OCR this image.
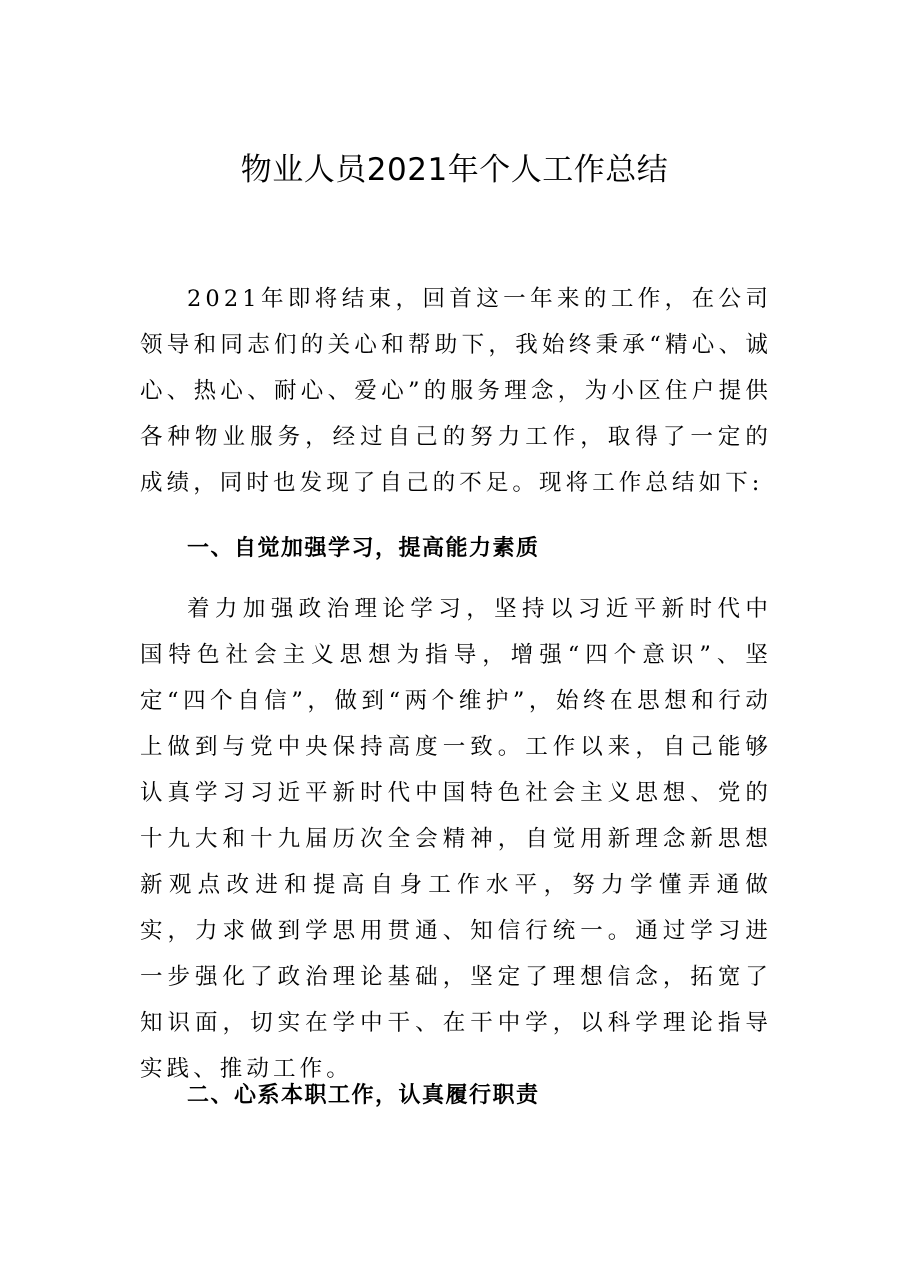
物业人员2021年个人工作总结

2021年即将结束，回首这一年来的工作，在公司领导和同志们的关心和帮助下，我始终秉承“精心、诚心、热心、耐心、爱心”的服务理念，为小区住户提供各种物业服务，经过自己的努力工作，取得了一定的成绩，同时也发现了自己的不足。现将工作总结如下:

一、自觉加强学习，提高能力素质

着力加强政治理论学习，坚持以习近平新时代中国特色社会主义思想为指导，增强“四个意识”、坚定“四个自信”，做到“两个维护”，始终在思想和行动上做到与党中央保持高度一致。工作以来，自己能够认真学习习近平新时代中国特色社会主义思想、党的十九大和十九届历次全会精神，自觉用新理念新思想新观点改进和提高自身工作水平，努力学懂弄通做实，力求做到学思用贯通、知信行统一。通过学习进一步强化了政治理论基础，坚定了理想信念，拓宽了知识面，切实在学中干、在干中学，以科学理论指导实践、推动工作。

二、心系本职工作，认真履行职责
